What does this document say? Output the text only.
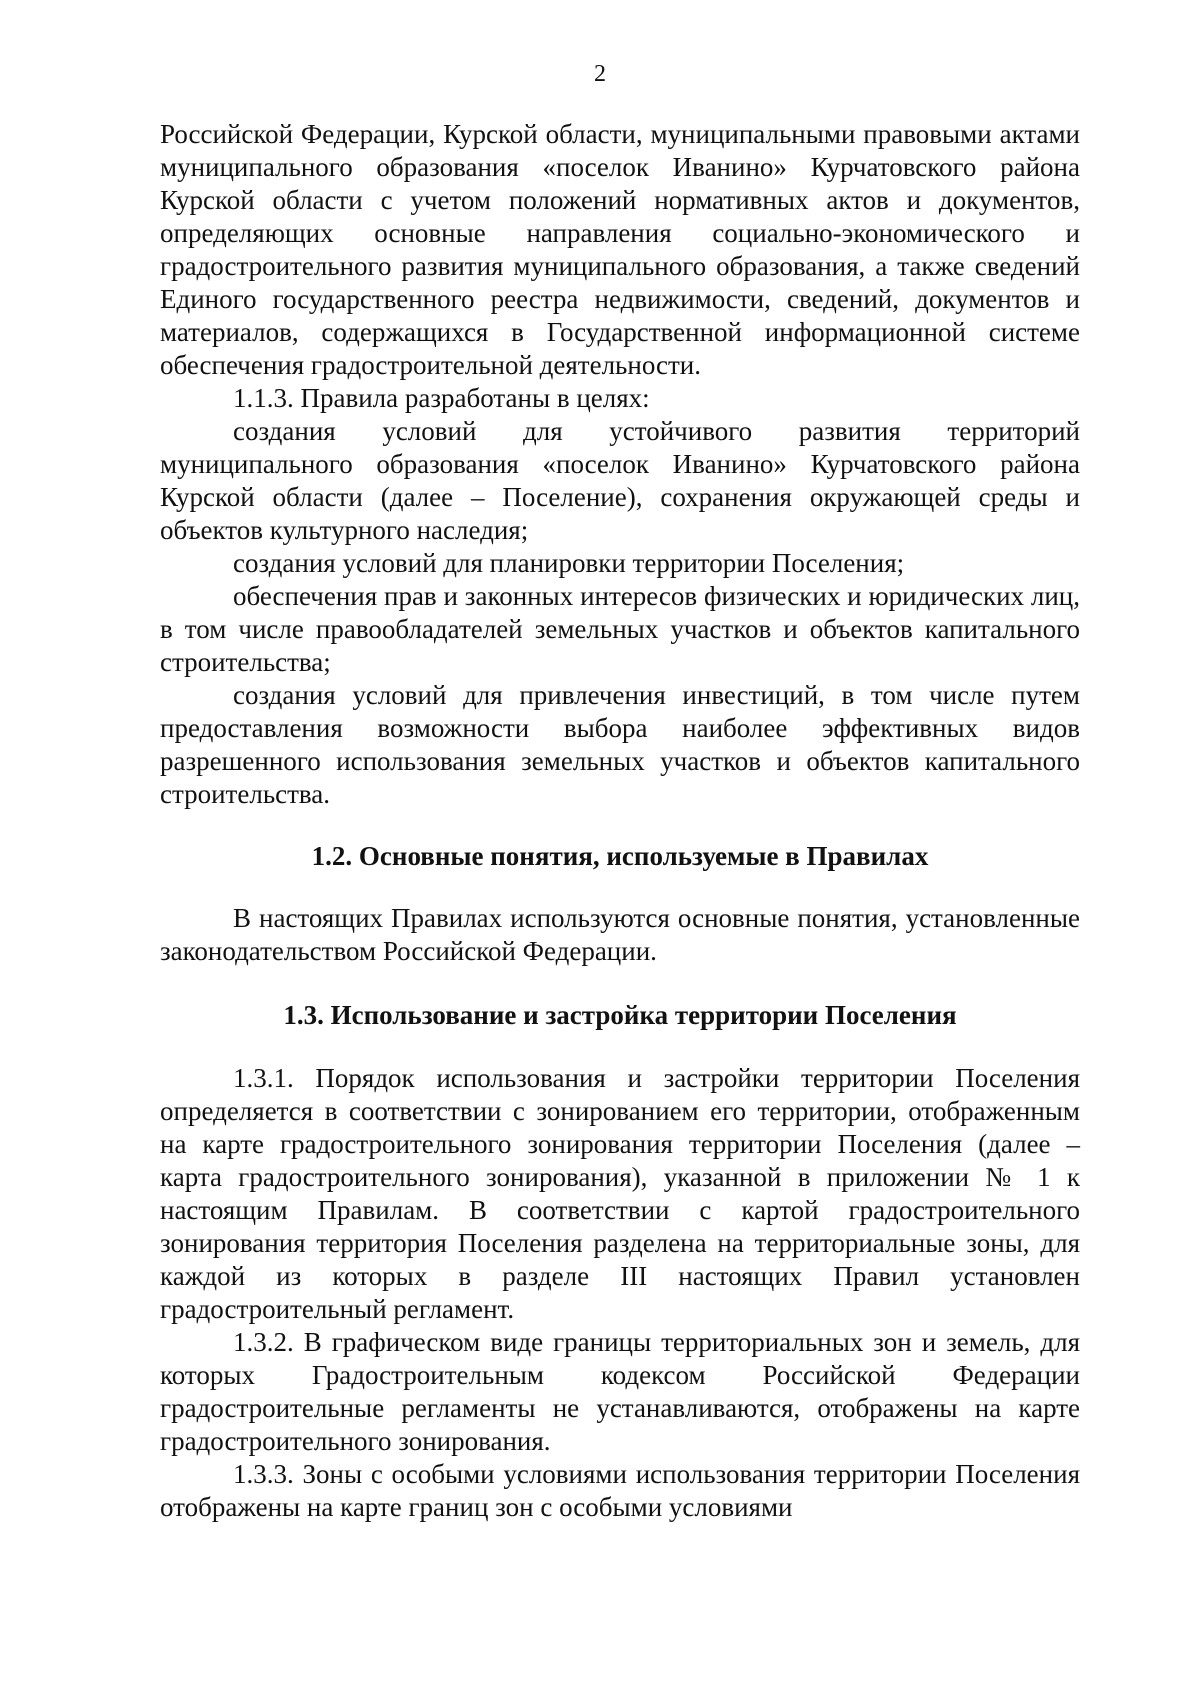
2

Российской Федерации, Курской области, муниципальными правовыми актами муниципального образования «поселок Иванино» Курчатовского района Курской области с учетом положений нормативных актов и документов, определяющих основные направления социально-экономического и градостроительного развития муниципального образования, а также сведений Единого государственного реестра недвижимости, сведений, документов и материалов, содержащихся в Государственной информационной системе обеспечения градостроительной деятельности.

1.1.3. Правила разработаны в целях:

создания условий для устойчивого развития территорий муниципального образования «поселок Иванино» Курчатовского района Курской области (далее – Поселение), сохранения окружающей среды и объектов культурного наследия;

создания условий для планировки территории Поселения;

обеспечения прав и законных интересов физических и юридических лиц, в том числе правообладателей земельных участков и объектов капитального строительства;

создания условий для привлечения инвестиций, в том числе путем предоставления возможности выбора наиболее эффективных видов разрешенного использования земельных участков и объектов капитального строительства.

1.2. Основные понятия, используемые в Правилах

В настоящих Правилах используются основные понятия, установленные законодательством Российской Федерации.

1.3. Использование и застройка территории Поселения

1.3.1. Порядок использования и застройки территории Поселения определяется в соответствии с зонированием его территории, отображенным на карте градостроительного зонирования территории Поселения (далее – карта градостроительного зонирования), указанной в приложении № 1 к настоящим Правилам. В соответствии с картой градостроительного зонирования территория Поселения разделена на территориальные зоны, для каждой из которых в разделе III настоящих Правил установлен градостроительный регламент.

1.3.2. В графическом виде границы территориальных зон и земель, для которых Градостроительным кодексом Российской Федерации градостроительные регламенты не устанавливаются, отображены на карте градостроительного зонирования.

1.3.3. Зоны с особыми условиями использования территории Поселения отображены на карте границ зон с особыми условиями
